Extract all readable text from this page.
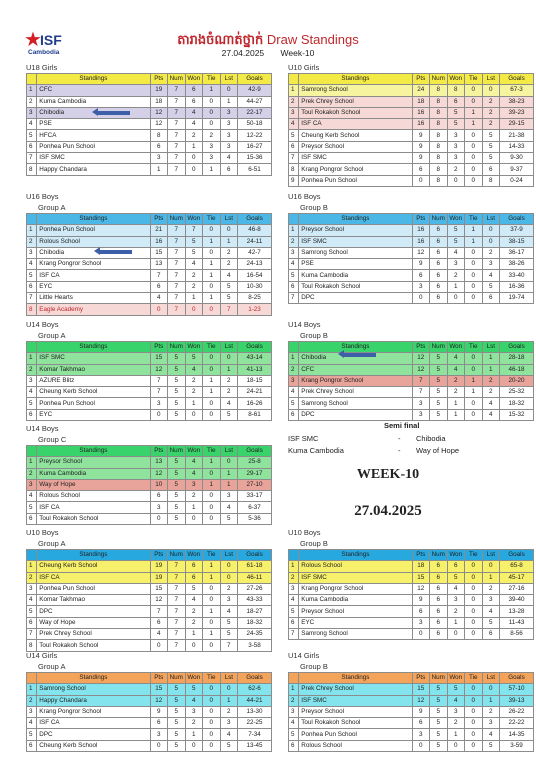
★
ISF
Cambodia
តារាងចំណាត់ថ្នាក់ Draw Standings
27.04.2025 Week-10
U18 Girls	U10 Girls
U16 Boys
Group A
U16 Boys
Group B
U14 Boys
Group A
U14 Boys
Group B
U14 Boys
Group C
U10 Boys
Group A
U10 Boys
Group B
U14 Girls
Group A
U14 Girls
Group B
	Standings	Pts	Num	Won	Tie	Lst	Goals
1	CFC	19	7	6	1	0	42-9
2	Kuma Cambodia	18	7	6	0	1	44-27
3	Chibodia	12	7	4	0	3	22-17
4	PSE	12	7	4	0	3	50-18
5	HFCA	8	7	2	2	3	12-22
6	Ponhea Pun School	6	7	1	3	3	16-27
7	ISF SMC	3	7	0	3	4	15-36
8	Happy Chandara	1	7	0	1	6	6-51
	Standings	Pts	Num	Won	Tie	Lst	Goals
1	Samrong School	24	8	8	0	0	67-3
2	Prek Chrey School	18	8	6	0	2	38-23
3	Toul Rokakoh School	16	8	5	1	2	39-23
4	ISF CA	16	8	5	1	2	29-15
5	Cheung Kerb School	9	8	3	0	5	21-38
6	Preysor School	9	8	3	0	5	14-33
7	ISF SMC	9	8	3	0	5	9-30
8	Krang Pongror School	6	8	2	0	6	9-37
9	Ponhea Pun School	0	8	0	0	8	0-24
	Standings	Pts	Num	Won	Tie	Lst	Goals
1	Ponhea Pun School	21	7	7	0	0	46-8
2	Rolous School	16	7	5	1	1	24-11
3	Chibodia	15	7	5	0	2	42-7
4	Krang Pongror School	13	7	4	1	2	24-13
5	ISF CA	7	7	2	1	4	16-54
6	EYC	6	7	2	0	5	10-30
7	Little Hearts	4	7	1	1	5	8-25
8	Eagle Academy	0	7	0	0	7	1-23
	Standings	Pts	Num	Won	Tie	Lst	Goals
1	Preysor School	16	6	5	1	0	37-9
2	ISF SMC	16	6	5	1	0	38-15
3	Samrong School	12	6	4	0	2	36-17
4	PSE	9	6	3	0	3	38-26
5	Kuma Cambodia	6	6	2	0	4	33-40
6	Toul Rokakoh School	3	6	1	0	5	16-36
7	DPC	0	6	0	0	6	19-74
	Standings	Pts	Num	Won	Tie	Lst	Goals
1	ISF SMC	15	5	5	0	0	43-14
2	Komar Takhmao	12	5	4	0	1	41-13
3	AZURE Blitz	7	5	2	1	2	18-15
4	Cheung Kerb School	7	5	2	1	2	24-21
5	Ponhea Pun School	3	5	1	0	4	16-26
6	EYC	0	5	0	0	5	8-61
	Standings	Pts	Num	Won	Tie	Lst	Goals
1	Chibodia	12	5	4	0	1	28-18
2	CFC	12	5	4	0	1	46-18
3	Krang Pongror School	7	5	2	1	2	20-20
4	Prek Chrey School	7	5	2	1	2	25-32
5	Samrong School	3	5	1	0	4	18-32
6	DPC	3	5	1	0	4	15-32
	Standings	Pts	Num	Won	Tie	Lst	Goals
1	Preysor School	13	5	4	1	0	25-8
2	Kuma Cambodia	12	5	4	0	1	29-17
3	Way of Hope	10	5	3	1	1	27-10
4	Rolous School	6	5	2	0	3	33-17
5	ISF CA	3	5	1	0	4	6-37
6	Toul Rokakoh School	0	5	0	0	5	5-36
	Standings	Pts	Num	Won	Tie	Lst	Goals
1	Cheung Kerb School	19	7	6	1	0	61-18
2	ISF CA	19	7	6	1	0	46-11
3	Ponhea Pun School	15	7	5	0	2	27-26
4	Komar Takhmao	12	7	4	0	3	43-33
5	DPC	7	7	2	1	4	18-27
6	Way of Hope	6	7	2	0	5	18-32
7	Prek Chrey School	4	7	1	1	5	24-35
8	Toul Rokakoh School	0	7	0	0	7	3-58
	Standings	Pts	Num	Won	Tie	Lst	Goals
1	Rolous School	18	6	6	0	0	65-8
2	ISF SMC	15	6	5	0	1	45-17
3	Krang Pongror School	12	6	4	0	2	27-16
4	Kuma Cambodia	9	6	3	0	3	39-40
5	Preysor School	6	6	2	0	4	13-28
6	EYC	3	6	1	0	5	11-43
7	Samrong School	0	6	0	0	6	8-56
	Standings	Pts	Num	Won	Tie	Lst	Goals
1	Samrong School	15	5	5	0	0	62-6
2	Happy Chandara	12	5	4	0	1	44-21
3	Krang Pongror School	9	5	3	0	2	13-30
4	ISF CA	6	5	2	0	3	22-25
5	DPC	3	5	1	0	4	7-34
6	Cheung Kerb School	0	5	0	0	5	13-45
	Standings	Pts	Num	Won	Tie	Lst	Goals
1	Prek Chrey School	15	5	5	0	0	57-10
2	ISF SMC	12	5	4	0	1	39-13
3	Preysor School	9	5	3	0	2	26-22
4	Toul Rokakoh School	6	5	2	0	3	22-22
5	Ponhea Pun School	3	5	1	0	4	14-35
6	Rolous School	0	5	0	0	5	3-59
Semi final
ISF SMC	- Chibodia
Kuma Cambodia	- Way of Hope
WEEK-10
27.04.2025
